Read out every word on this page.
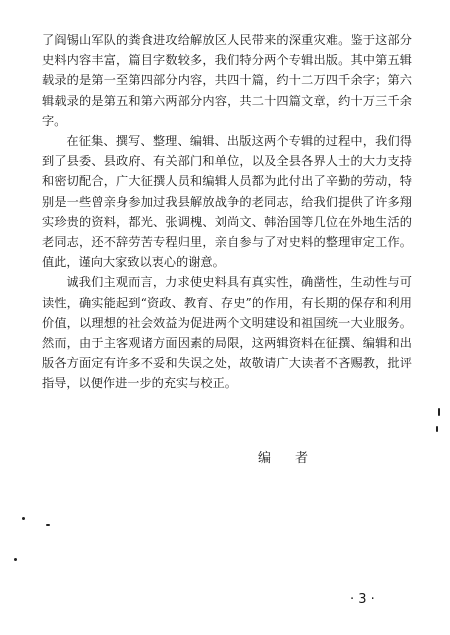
了阎锡山军队的粪食进攻给解放区人民带来的深重灾难。鉴于这部分史料内容丰富，篇目字数较多，我们特分两个专辑出版。其中第五辑载录的是第一至第四部分内容，共四十篇，约十二万四千余字；第六辑载录的是第五和第六两部分内容，共二十四篇文章，约十万三千余字。

在征集、撰写、整理、编辑、出版这两个专辑的过程中，我们得到了县委、县政府、有关部门和单位，以及全县各界人士的大力支持和密切配合，广大征撰人员和编辑人员都为此付出了辛勤的劳动，特别是一些曾亲身参加过我县解放战争的老同志，给我们提供了许多翔实珍贵的资料，都光、张调槐、刘尚文、韩治国等几位在外地生活的老同志，还不辞劳苦专程归里，亲自参与了对史料的整理审定工作。值此，谨向大家致以衷心的谢意。

诚我们主观而言，力求使史料具有真实性，确凿性，生动性与可读性，确实能起到“资政、教育、存史”的作用，有长期的保存和利用价值，以理想的社会效益为促进两个文明建设和祖国统一大业服务。然而，由于主客观诸方面因素的局限，这两辑资料在征撰、编辑和出版各方面定有许多不妥和失误之处，故敬请广大读者不吝赐教，批评指导，以便作进一步的充实与校正。

编者
· 3 ·
